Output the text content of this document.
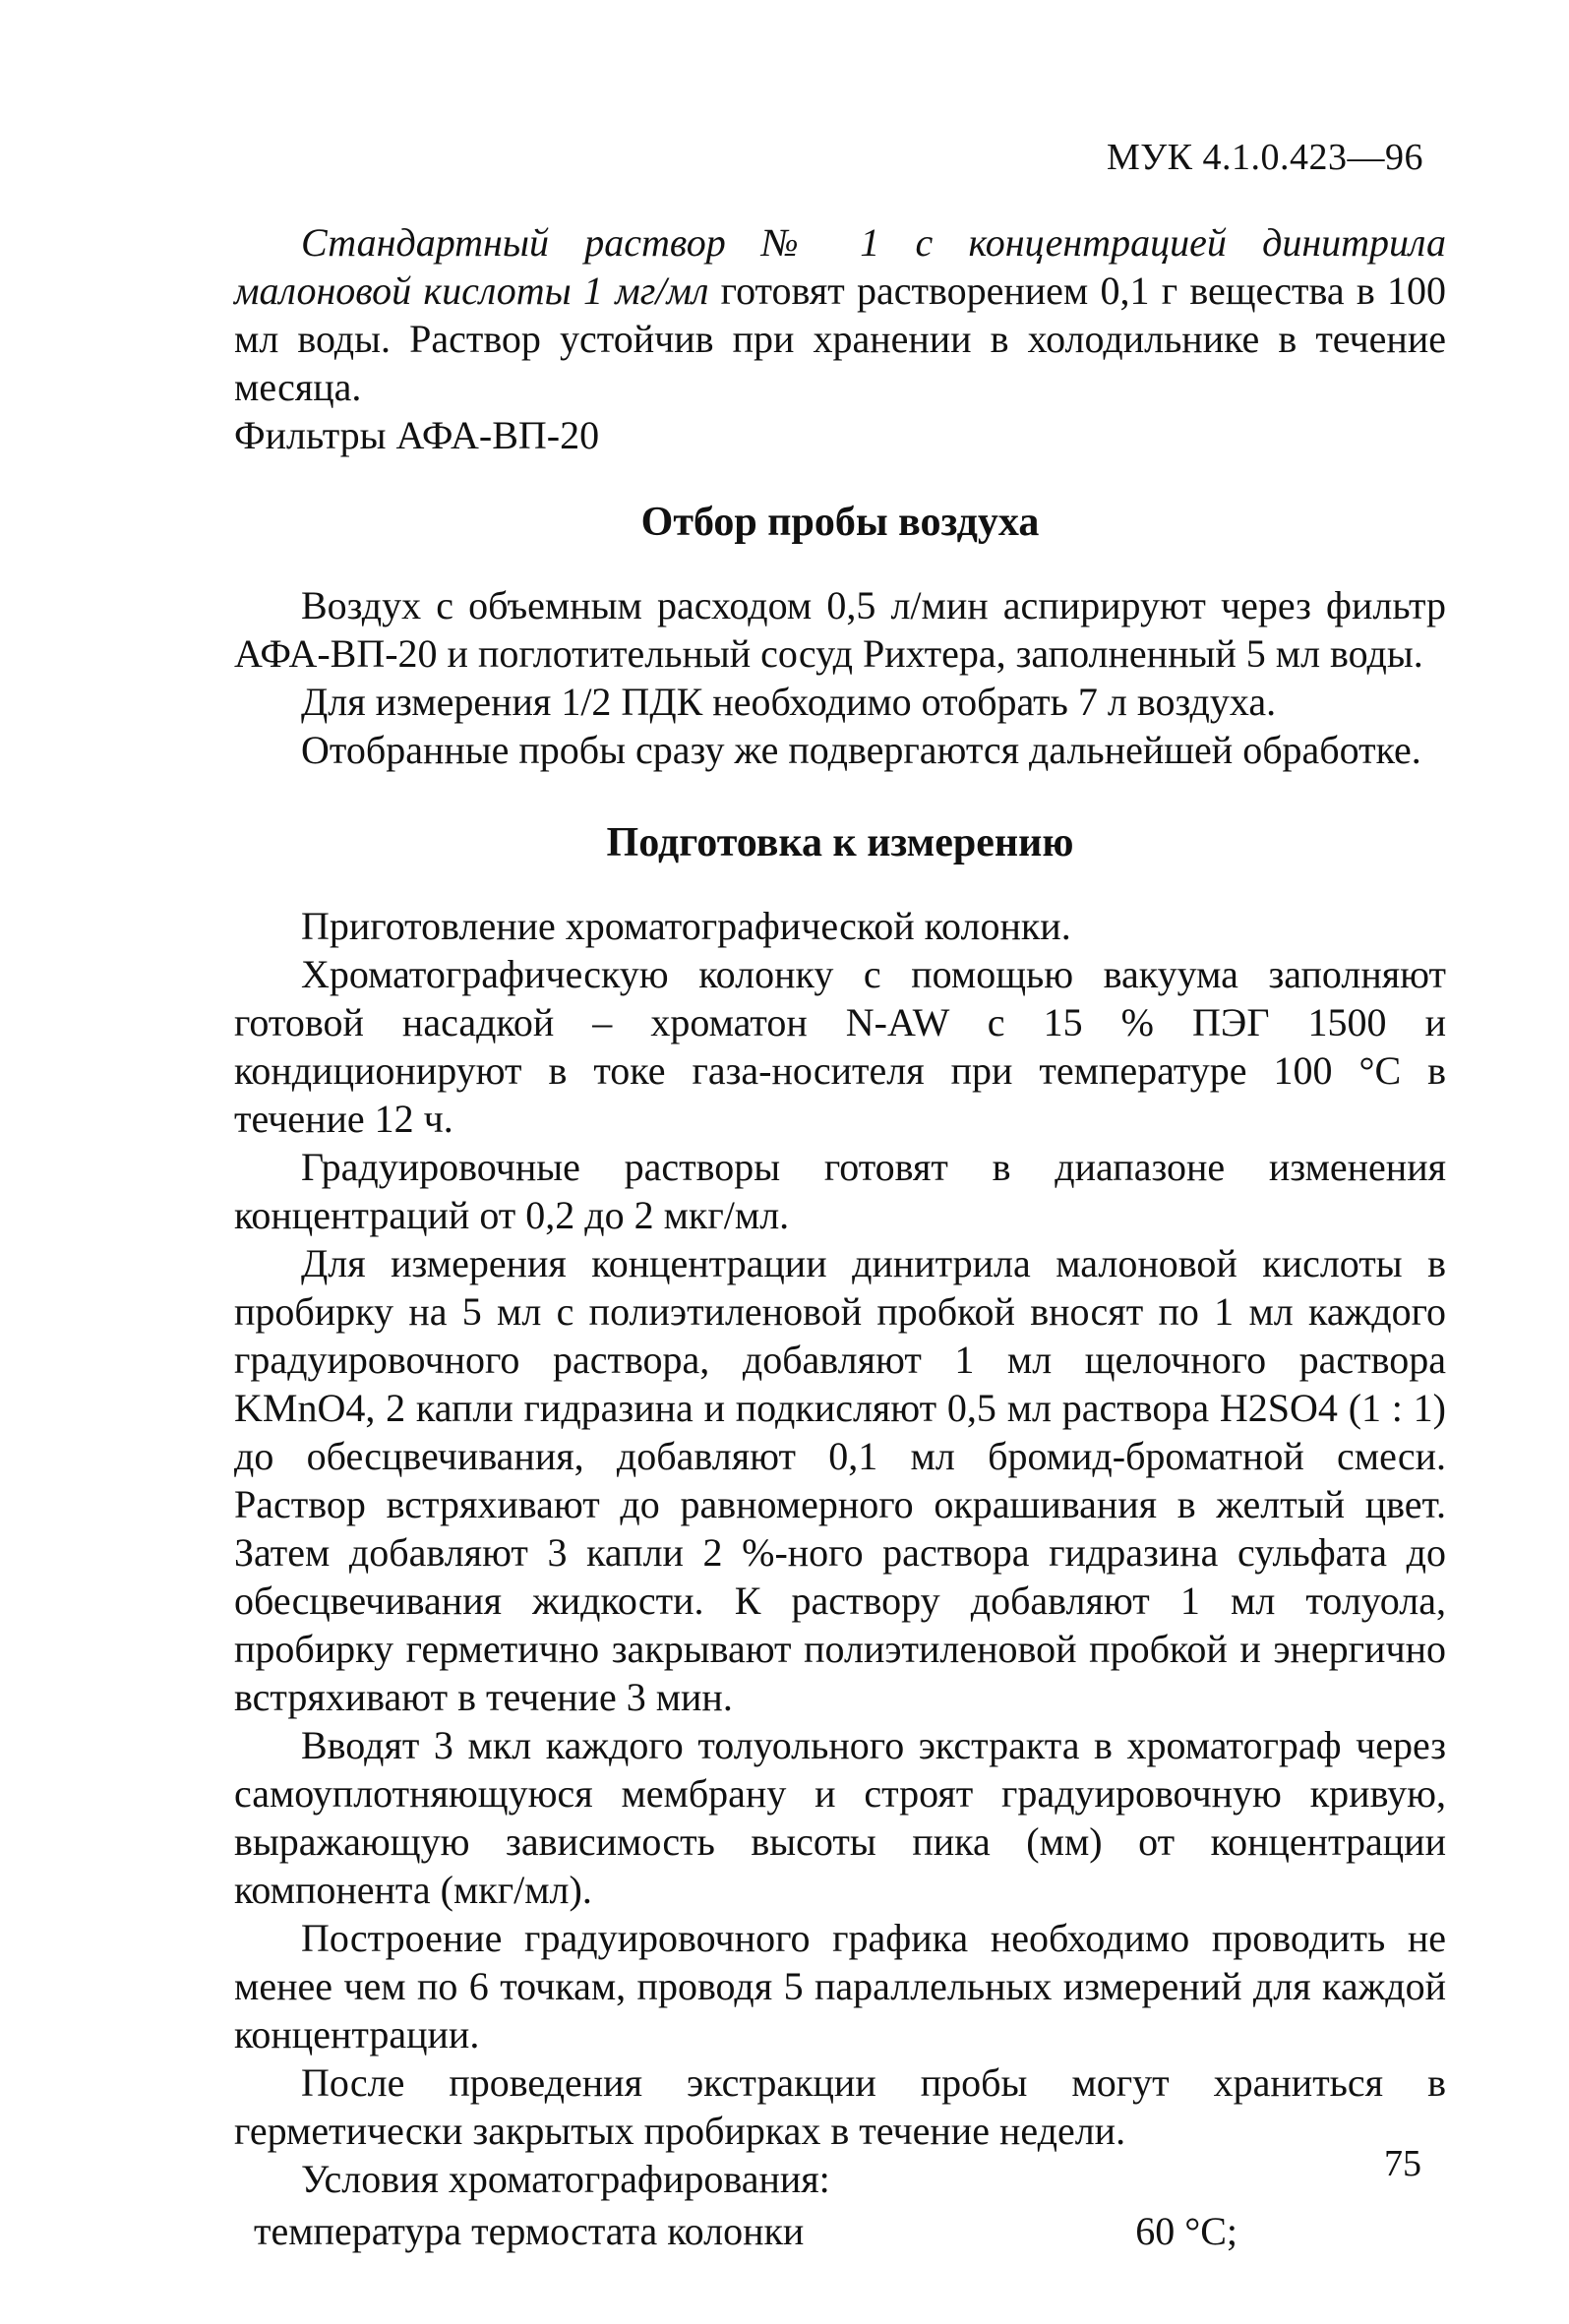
МУК 4.1.0.423—96

Стандартный раствор № 1 с концентрацией динитрила малоновой кислоты 1 мг/мл готовят растворением 0,1 г вещества в 100 мл воды. Раствор устойчив при хранении в холодильнике в течение месяца.

Фильтры АФА-ВП-20

Отбор пробы воздуха

Воздух с объемным расходом 0,5 л/мин аспирируют через фильтр АФА-ВП-20 и поглотительный сосуд Рихтера, заполненный 5 мл воды.

Для измерения 1/2 ПДК необходимо отобрать 7 л воздуха.

Отобранные пробы сразу же подвергаются дальнейшей обработке.

Подготовка к измерению

Приготовление хроматографической колонки.

Хроматографическую колонку с помощью вакуума заполняют готовой насадкой – хроматон N-AW с 15 % ПЭГ 1500 и кондиционируют в токе газа-носителя при температуре 100 °С в течение 12 ч.

Градуировочные растворы готовят в диапазоне изменения концентраций от 0,2 до 2 мкг/мл.

Для измерения концентрации динитрила малоновой кислоты в пробирку на 5 мл с полиэтиленовой пробкой вносят по 1 мл каждого градуировочного раствора, добавляют 1 мл щелочного раствора KMnO4, 2 капли гидразина и подкисляют 0,5 мл раствора H2SO4 (1 : 1) до обесцвечивания, добавляют 0,1 мл бромид-броматной смеси. Раствор встряхивают до равномерного окрашивания в желтый цвет. Затем добавляют 3 капли 2 %-ного раствора гидразина сульфата до обесцвечивания жидкости. К раствору добавляют 1 мл толуола, пробирку герметично закрывают полиэтиленовой пробкой и энергично встряхивают в течение 3 мин.

Вводят 3 мкл каждого толуольного экстракта в хроматограф через самоуплотняющуюся мембрану и строят градуировочную кривую, выражающую зависимость высоты пика (мм) от концентрации компонента (мкг/мл).

Построение градуировочного графика необходимо проводить не менее чем по 6 точкам, проводя 5 параллельных измерений для каждой концентрации.

После проведения экстракции пробы могут храниться в герметически закрытых пробирках в течение недели.

Условия хроматографирования:

температура термостата колонки	60 °С;
75
